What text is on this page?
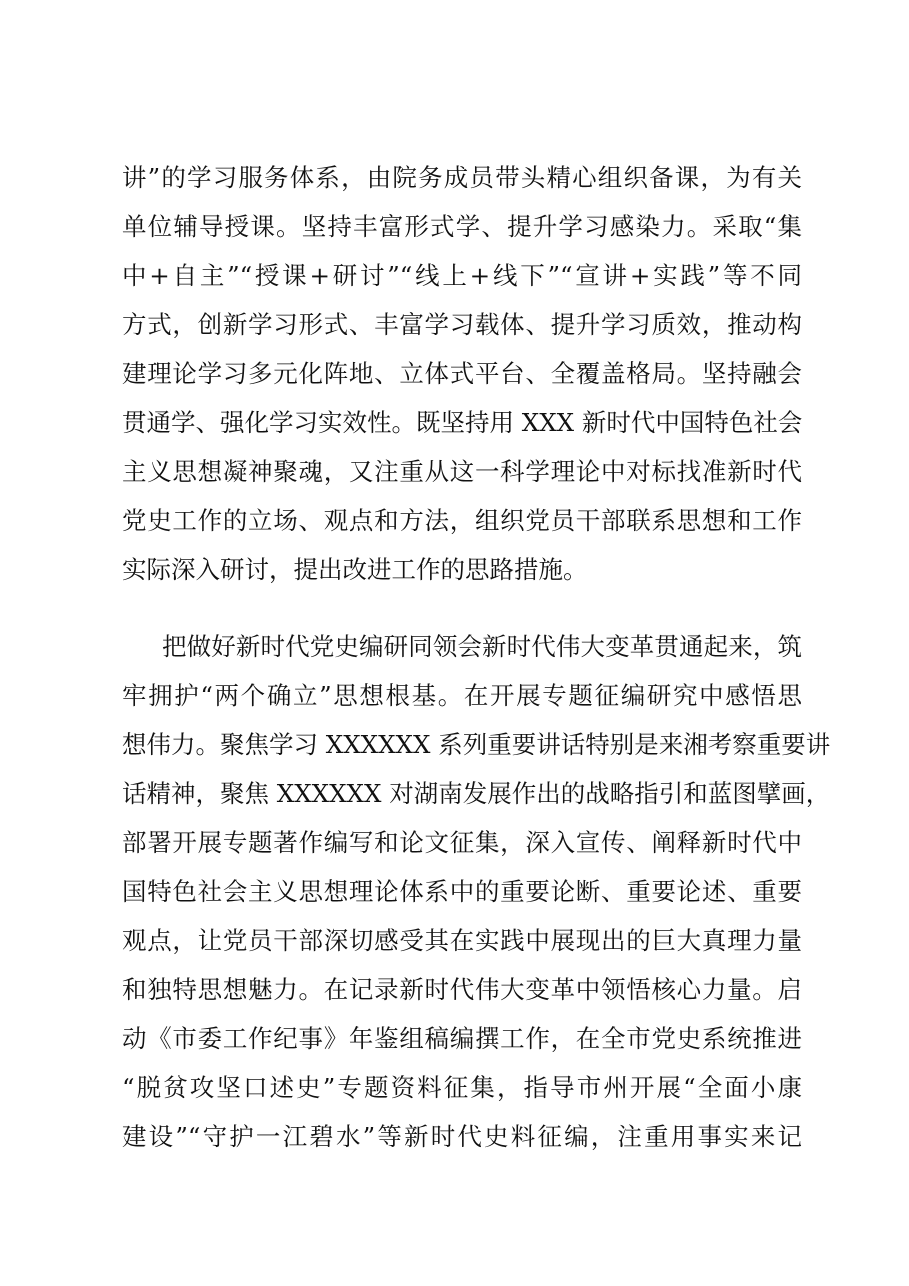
讲”的学习服务体系，由院务成员带头精心组织备课，为有关
单位辅导授课。坚持丰富形式学、提升学习感染力。采取“集
中+自主”“授课+研讨”“线上+线下”“宣讲+实践”等不同
方式，创新学习形式、丰富学习载体、提升学习质效，推动构
建理论学习多元化阵地、立体式平台、全覆盖格局。坚持融会
贯通学、强化学习实效性。既坚持用 XXX 新时代中国特色社会
主义思想凝神聚魂，又注重从这一科学理论中对标找准新时代
党史工作的立场、观点和方法，组织党员干部联系思想和工作
实际深入研讨，提出改进工作的思路措施。
把做好新时代党史编研同领会新时代伟大变革贯通起来，筑
牢拥护“两个确立”思想根基。在开展专题征编研究中感悟思
想伟力。聚焦学习 XXXXXX 系列重要讲话特别是来湘考察重要讲
话精神，聚焦 XXXXXX 对湖南发展作出的战略指引和蓝图擘画，
部署开展专题著作编写和论文征集，深入宣传、阐释新时代中
国特色社会主义思想理论体系中的重要论断、重要论述、重要
观点，让党员干部深切感受其在实践中展现出的巨大真理力量
和独特思想魅力。在记录新时代伟大变革中领悟核心力量。启
动《市委工作纪事》年鉴组稿编撰工作，在全市党史系统推进
“脱贫攻坚口述史”专题资料征集，指导市州开展“全面小康
建设”“守护一江碧水”等新时代史料征编，注重用事实来记
